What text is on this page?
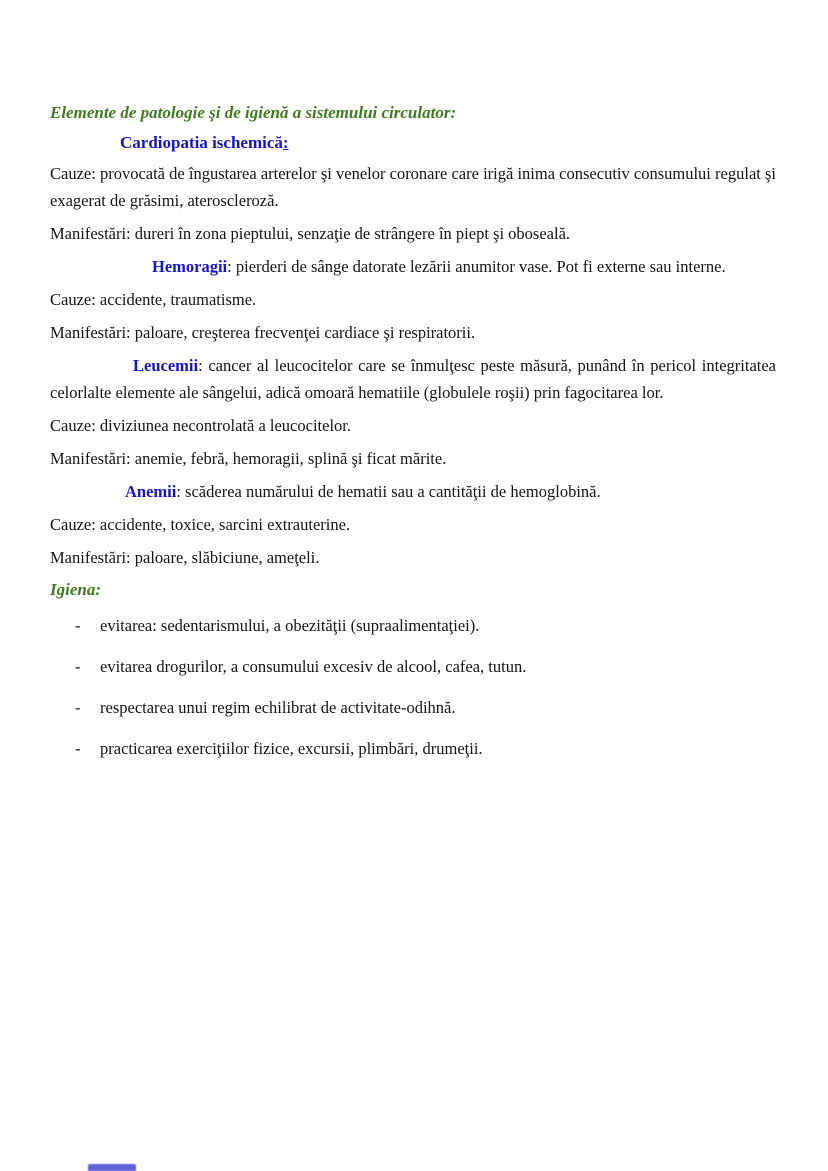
Elemente de patologie şi de igienă a sistemului circulator:

Cardiopatia ischemică:

Cauze: provocată de îngustarea arterelor şi venelor coronare care irigă inima consecutiv consumului regulat şi exagerat de grăsimi, ateroscleroză.

Manifestări: dureri în zona pieptului, senzaţie de strângere în piept şi oboseală.

Hemoragii: pierderi de sânge datorate lezării anumitor vase. Pot fi externe sau interne.

Cauze: accidente, traumatisme.

Manifestări: paloare, creşterea frecvenţei cardiace şi respiratorii.

Leucemii: cancer al leucocitelor care se înmulţesc peste măsură, punând în pericol integritatea celorlalte elemente ale sângelui, adică omoară hematiile (globulele roşii) prin fagocitarea lor.

Cauze: diviziunea necontrolată a leucocitelor.

Manifestări: anemie, febră, hemoragii, splină şi ficat mărite.

Anemii: scăderea numărului de hematii sau a cantităţii de hemoglobină.

Cauze: accidente, toxice, sarcini extrauterine.

Manifestări: paloare, slăbiciune, ameţeli.

Igiena:
-	evitarea: sedentarismului, a obezităţii (supraalimentaţiei).
-	evitarea drogurilor, a consumului excesiv de alcool, cafea, tutun.
-	respectarea unui regim echilibrat de activitate-odihnă.
-	practicarea exerciţiilor fizice, excursii, plimbări, drumeţii.
